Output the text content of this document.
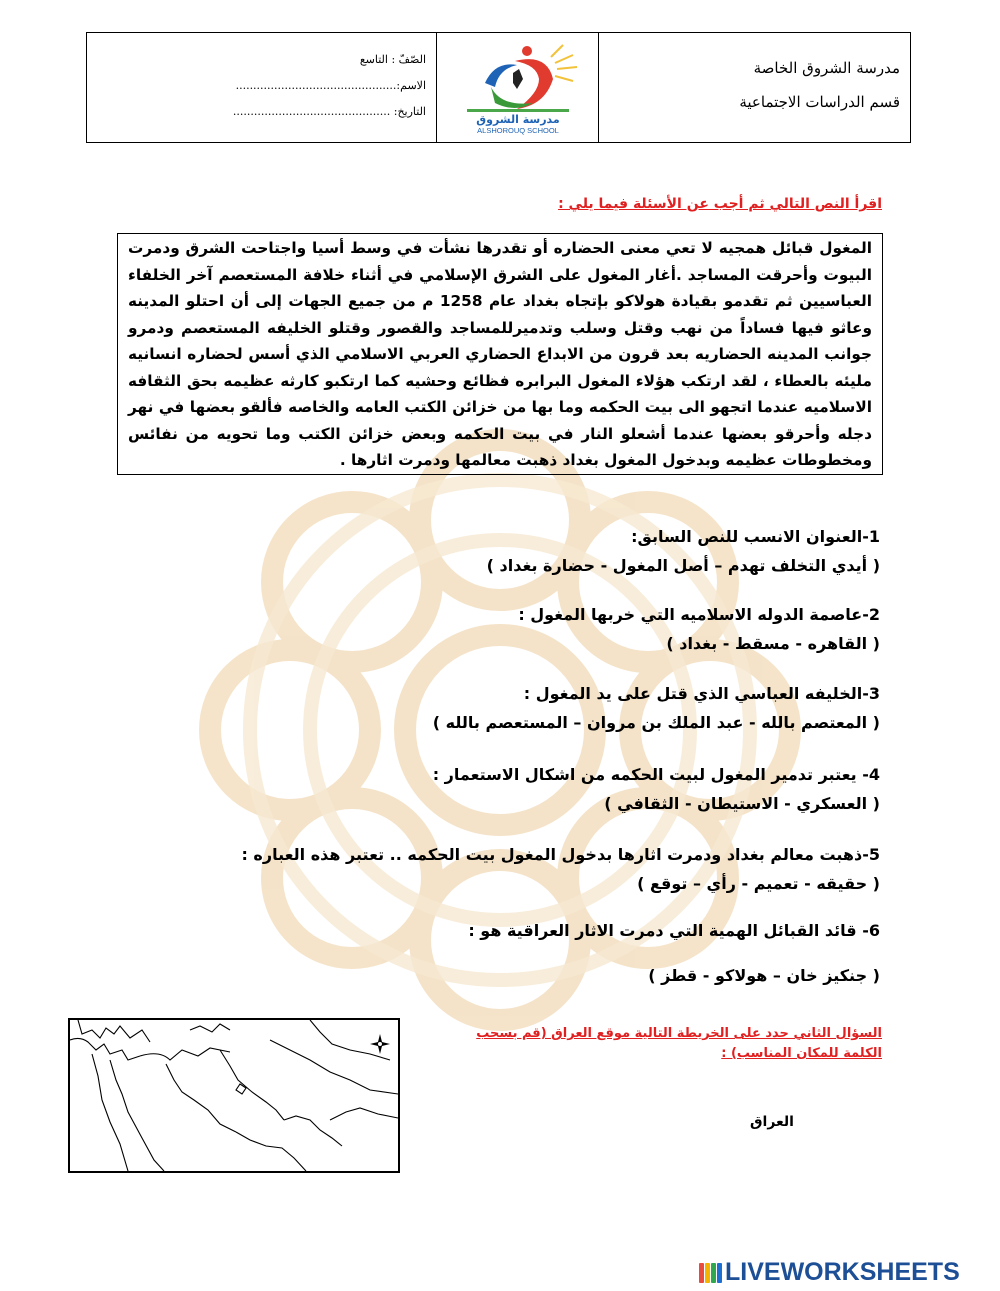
الصّفّ : التاسع
الاسم:..............................................
التاريخ: .............................................
مدرسة الشروق
ALSHOROUQ SCHOOL
مدرسة الشروق الخاصة
قسم الدراسات الاجتماعية
اقرأ النص التالي ثم أجب عن الأسئلة فيما يلي :
المغول قبائل همجيه لا تعي معنى الحضاره أو تقدرها نشأت في وسط أسيا واجتاحت الشرق ودمرت البيوت وأحرقت المساجد .أغار المغول على الشرق الإسلامي في أثناء خلافة المستعصم آخر الخلفاء العباسيين ثم تقدمو بقيادة هولاكو بإتجاه بغداد عام 1258 م من جميع الجهات إلى أن احتلو المدينه وعاثو فيها فساداً من نهب وقتل وسلب وتدميرللمساجد والقصور وقتلو الخليفه المستعصم ودمرو جوانب المدينه الحضاريه بعد قرون من الابداع الحضاري العربي الاسلامي الذي أسس لحضاره انسانيه مليئه بالعطاء ، لقد ارتكب هؤلاء المغول البرابره فظائع وحشيه كما ارتكبو كارثه عظيمه بحق الثقافه الاسلاميه عندما اتجهو الى بيت الحكمه وما بها من خزائن الكتب العامه والخاصه فألقو بعضها في نهر دجله وأحرقو بعضها عندما أشعلو النار في بيت الحكمه وبعض خزائن الكتب وما تحويه من نفائس ومخطوطات عظيمه وبدخول المغول بغداد ذهبت معالمها ودمرت اثارها .
1-العنوان الانسب للنص السابق:
( أيدي التخلف تهدم – أصل المغول - حضارة بغداد )
2-عاصمة الدوله الاسلاميه التي خربها المغول :
( القاهره - مسقط - بغداد )
3-الخليفه العباسي الذي قتل على يد المغول :
( المعتصم بالله - عبد الملك بن مروان – المستعصم بالله )
4- يعتبر تدمير المغول لبيت الحكمه من اشكال الاستعمار :
( العسكري - الاستيطان - الثقافي )
5-ذهبت معالم بغداد ودمرت اثارها بدخول المغول بيت الحكمه .. تعتبر هذه العباره :
( حقيقه - تعميم - رأي – توقع )
6- قائد القبائل الهمية التي دمرت الاثار العراقية هو :
( جنكيز خان – هولاكو - قطز )
السؤال الثاني حدد على الخريطة التالية موقع العراق (قم بسحب الكلمة للمكان المناسب) :
العراق
LIVEWORKSHEETS
